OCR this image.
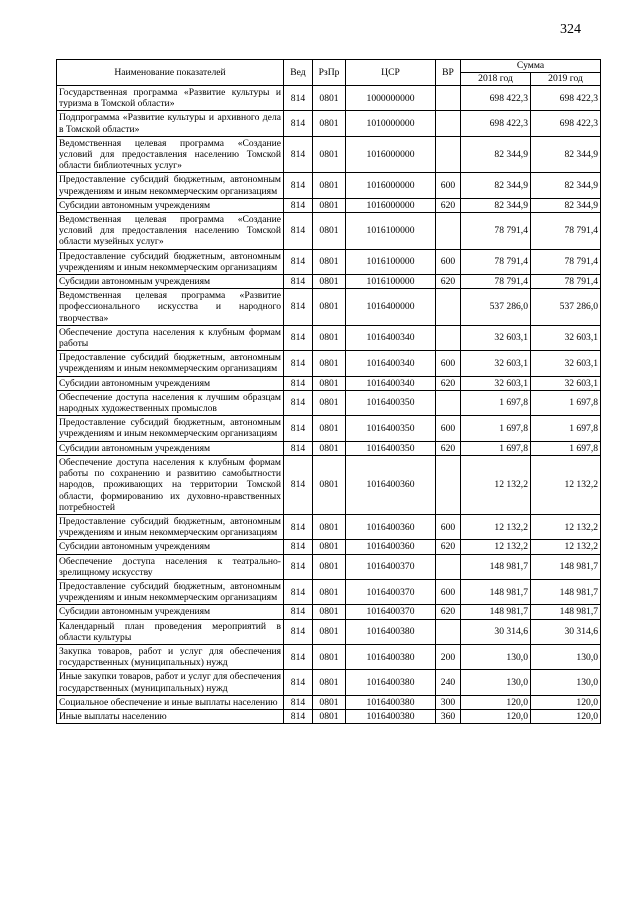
324
Наименование показателей	Вед	РзПр	ЦСР	ВР	Сумма	
					2018 год	2019 год
Государственная программа «Развитие культуры и туризма в Томской области»	814	0801	1000000000		698 422,3	698 422,3
Подпрограмма «Развитие культуры и архивного дела в Томской области»	814	0801	1010000000		698 422,3	698 422,3
Ведомственная целевая программа «Создание условий для предоставления населению Томской области библиотечных услуг»	814	0801	1016000000		82 344,9	82 344,9
Предоставление субсидий бюджетным, автономным учреждениям и иным некоммерческим организациям	814	0801	1016000000	600	82 344,9	82 344,9
Субсидии автономным учреждениям	814	0801	1016000000	620	82 344,9	82 344,9
Ведомственная целевая программа «Создание условий для предоставления населению Томской области музейных услуг»	814	0801	1016100000		78 791,4	78 791,4
Предоставление субсидий бюджетным, автономным учреждениям и иным некоммерческим организациям	814	0801	1016100000	600	78 791,4	78 791,4
Субсидии автономным учреждениям	814	0801	1016100000	620	78 791,4	78 791,4
Ведомственная целевая программа «Развитие профессионального искусства и народного творчества»	814	0801	1016400000		537 286,0	537 286,0
Обеспечение доступа населения к клубным формам работы	814	0801	1016400340		32 603,1	32 603,1
Предоставление субсидий бюджетным, автономным учреждениям и иным некоммерческим организациям	814	0801	1016400340	600	32 603,1	32 603,1
Субсидии автономным учреждениям	814	0801	1016400340	620	32 603,1	32 603,1
Обеспечение доступа населения к лучшим образцам народных художественных промыслов	814	0801	1016400350		1 697,8	1 697,8
Предоставление субсидий бюджетным, автономным учреждениям и иным некоммерческим организациям	814	0801	1016400350	600	1 697,8	1 697,8
Субсидии автономным учреждениям	814	0801	1016400350	620	1 697,8	1 697,8
Обеспечение доступа населения к клубным формам работы по сохранению и развитию самобытности народов, проживающих на территории Томской области, формированию их духовно-нравственных потребностей	814	0801	1016400360		12 132,2	12 132,2
Предоставление субсидий бюджетным, автономным учреждениям и иным некоммерческим организациям	814	0801	1016400360	600	12 132,2	12 132,2
Субсидии автономным учреждениям	814	0801	1016400360	620	12 132,2	12 132,2
Обеспечение доступа населения к театрально-зрелищному искусству	814	0801	1016400370		148 981,7	148 981,7
Предоставление субсидий бюджетным, автономным учреждениям и иным некоммерческим организациям	814	0801	1016400370	600	148 981,7	148 981,7
Субсидии автономным учреждениям	814	0801	1016400370	620	148 981,7	148 981,7
Календарный план проведения мероприятий в области культуры	814	0801	1016400380		30 314,6	30 314,6
Закупка товаров, работ и услуг для обеспечения государственных (муниципальных) нужд	814	0801	1016400380	200	130,0	130,0
Иные закупки товаров, работ и услуг для обеспечения государственных (муниципальных) нужд	814	0801	1016400380	240	130,0	130,0
Социальное обеспечение и иные выплаты населению	814	0801	1016400380	300	120,0	120,0
Иные выплаты населению	814	0801	1016400380	360	120,0	120,0
